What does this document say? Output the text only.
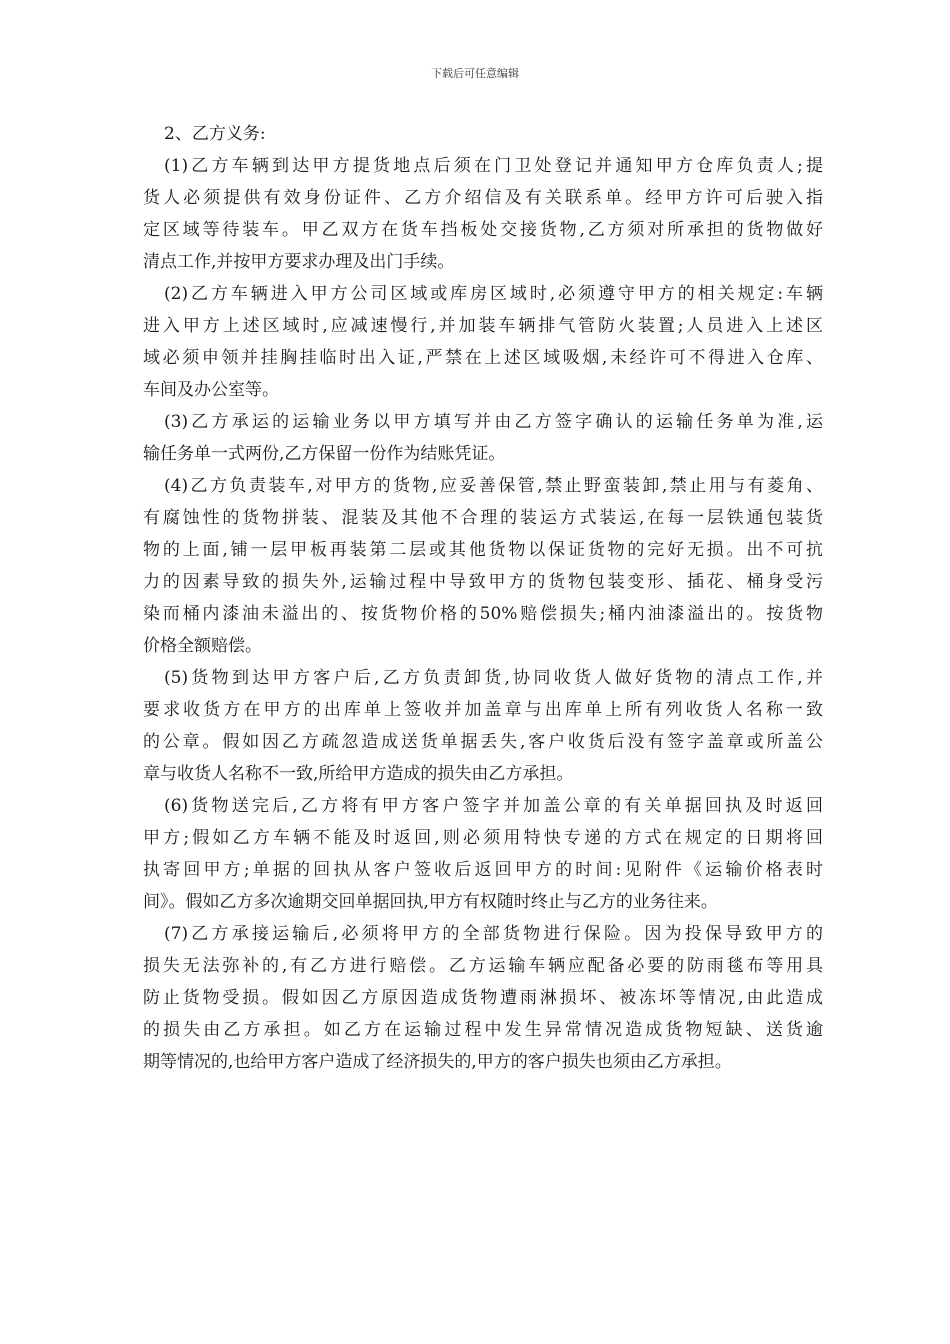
下载后可任意编辑

2、乙方义务:

(1)乙方车辆到达甲方提货地点后须在门卫处登记并通知甲方仓库负责人;提
货人必须提供有效身份证件、乙方介绍信及有关联系单。经甲方许可后驶入指
定区域等待装车。甲乙双方在货车挡板处交接货物,乙方须对所承担的货物做好
清点工作,并按甲方要求办理及出门手续。

(2)乙方车辆进入甲方公司区域或库房区域时,必须遵守甲方的相关规定:车辆
进入甲方上述区域时,应减速慢行,并加装车辆排气管防火装置;人员进入上述区
域必须申领并挂胸挂临时出入证,严禁在上述区域吸烟,未经许可不得进入仓库、
车间及办公室等。

(3)乙方承运的运输业务以甲方填写并由乙方签字确认的运输任务单为准,运
输任务单一式两份,乙方保留一份作为结账凭证。

(4)乙方负责装车,对甲方的货物,应妥善保管,禁止野蛮装卸,禁止用与有菱角、
有腐蚀性的货物拼装、混装及其他不合理的装运方式装运,在每一层铁通包装货
物的上面,铺一层甲板再装第二层或其他货物以保证货物的完好无损。出不可抗
力的因素导致的损失外,运输过程中导致甲方的货物包装变形、插花、桶身受污
染而桶内漆油未溢出的、按货物价格的50%赔偿损失;桶内油漆溢出的。按货物
价格全额赔偿。

(5)货物到达甲方客户后,乙方负责卸货,协同收货人做好货物的清点工作,并
要求收货方在甲方的出库单上签收并加盖章与出库单上所有列收货人名称一致
的公章。假如因乙方疏忽造成送货单据丢失,客户收货后没有签字盖章或所盖公
章与收货人名称不一致,所给甲方造成的损失由乙方承担。

(6)货物送完后,乙方将有甲方客户签字并加盖公章的有关单据回执及时返回
甲方;假如乙方车辆不能及时返回,则必须用特快专递的方式在规定的日期将回
执寄回甲方;单据的回执从客户签收后返回甲方的时间:见附件《运输价格表时
间》。假如乙方多次逾期交回单据回执,甲方有权随时终止与乙方的业务往来。

(7)乙方承接运输后,必须将甲方的全部货物进行保险。因为投保导致甲方的
损失无法弥补的,有乙方进行赔偿。乙方运输车辆应配备必要的防雨毯布等用具
防止货物受损。假如因乙方原因造成货物遭雨淋损坏、被冻坏等情况,由此造成
的损失由乙方承担。如乙方在运输过程中发生异常情况造成货物短缺、送货逾
期等情况的,也给甲方客户造成了经济损失的,甲方的客户损失也须由乙方承担。
